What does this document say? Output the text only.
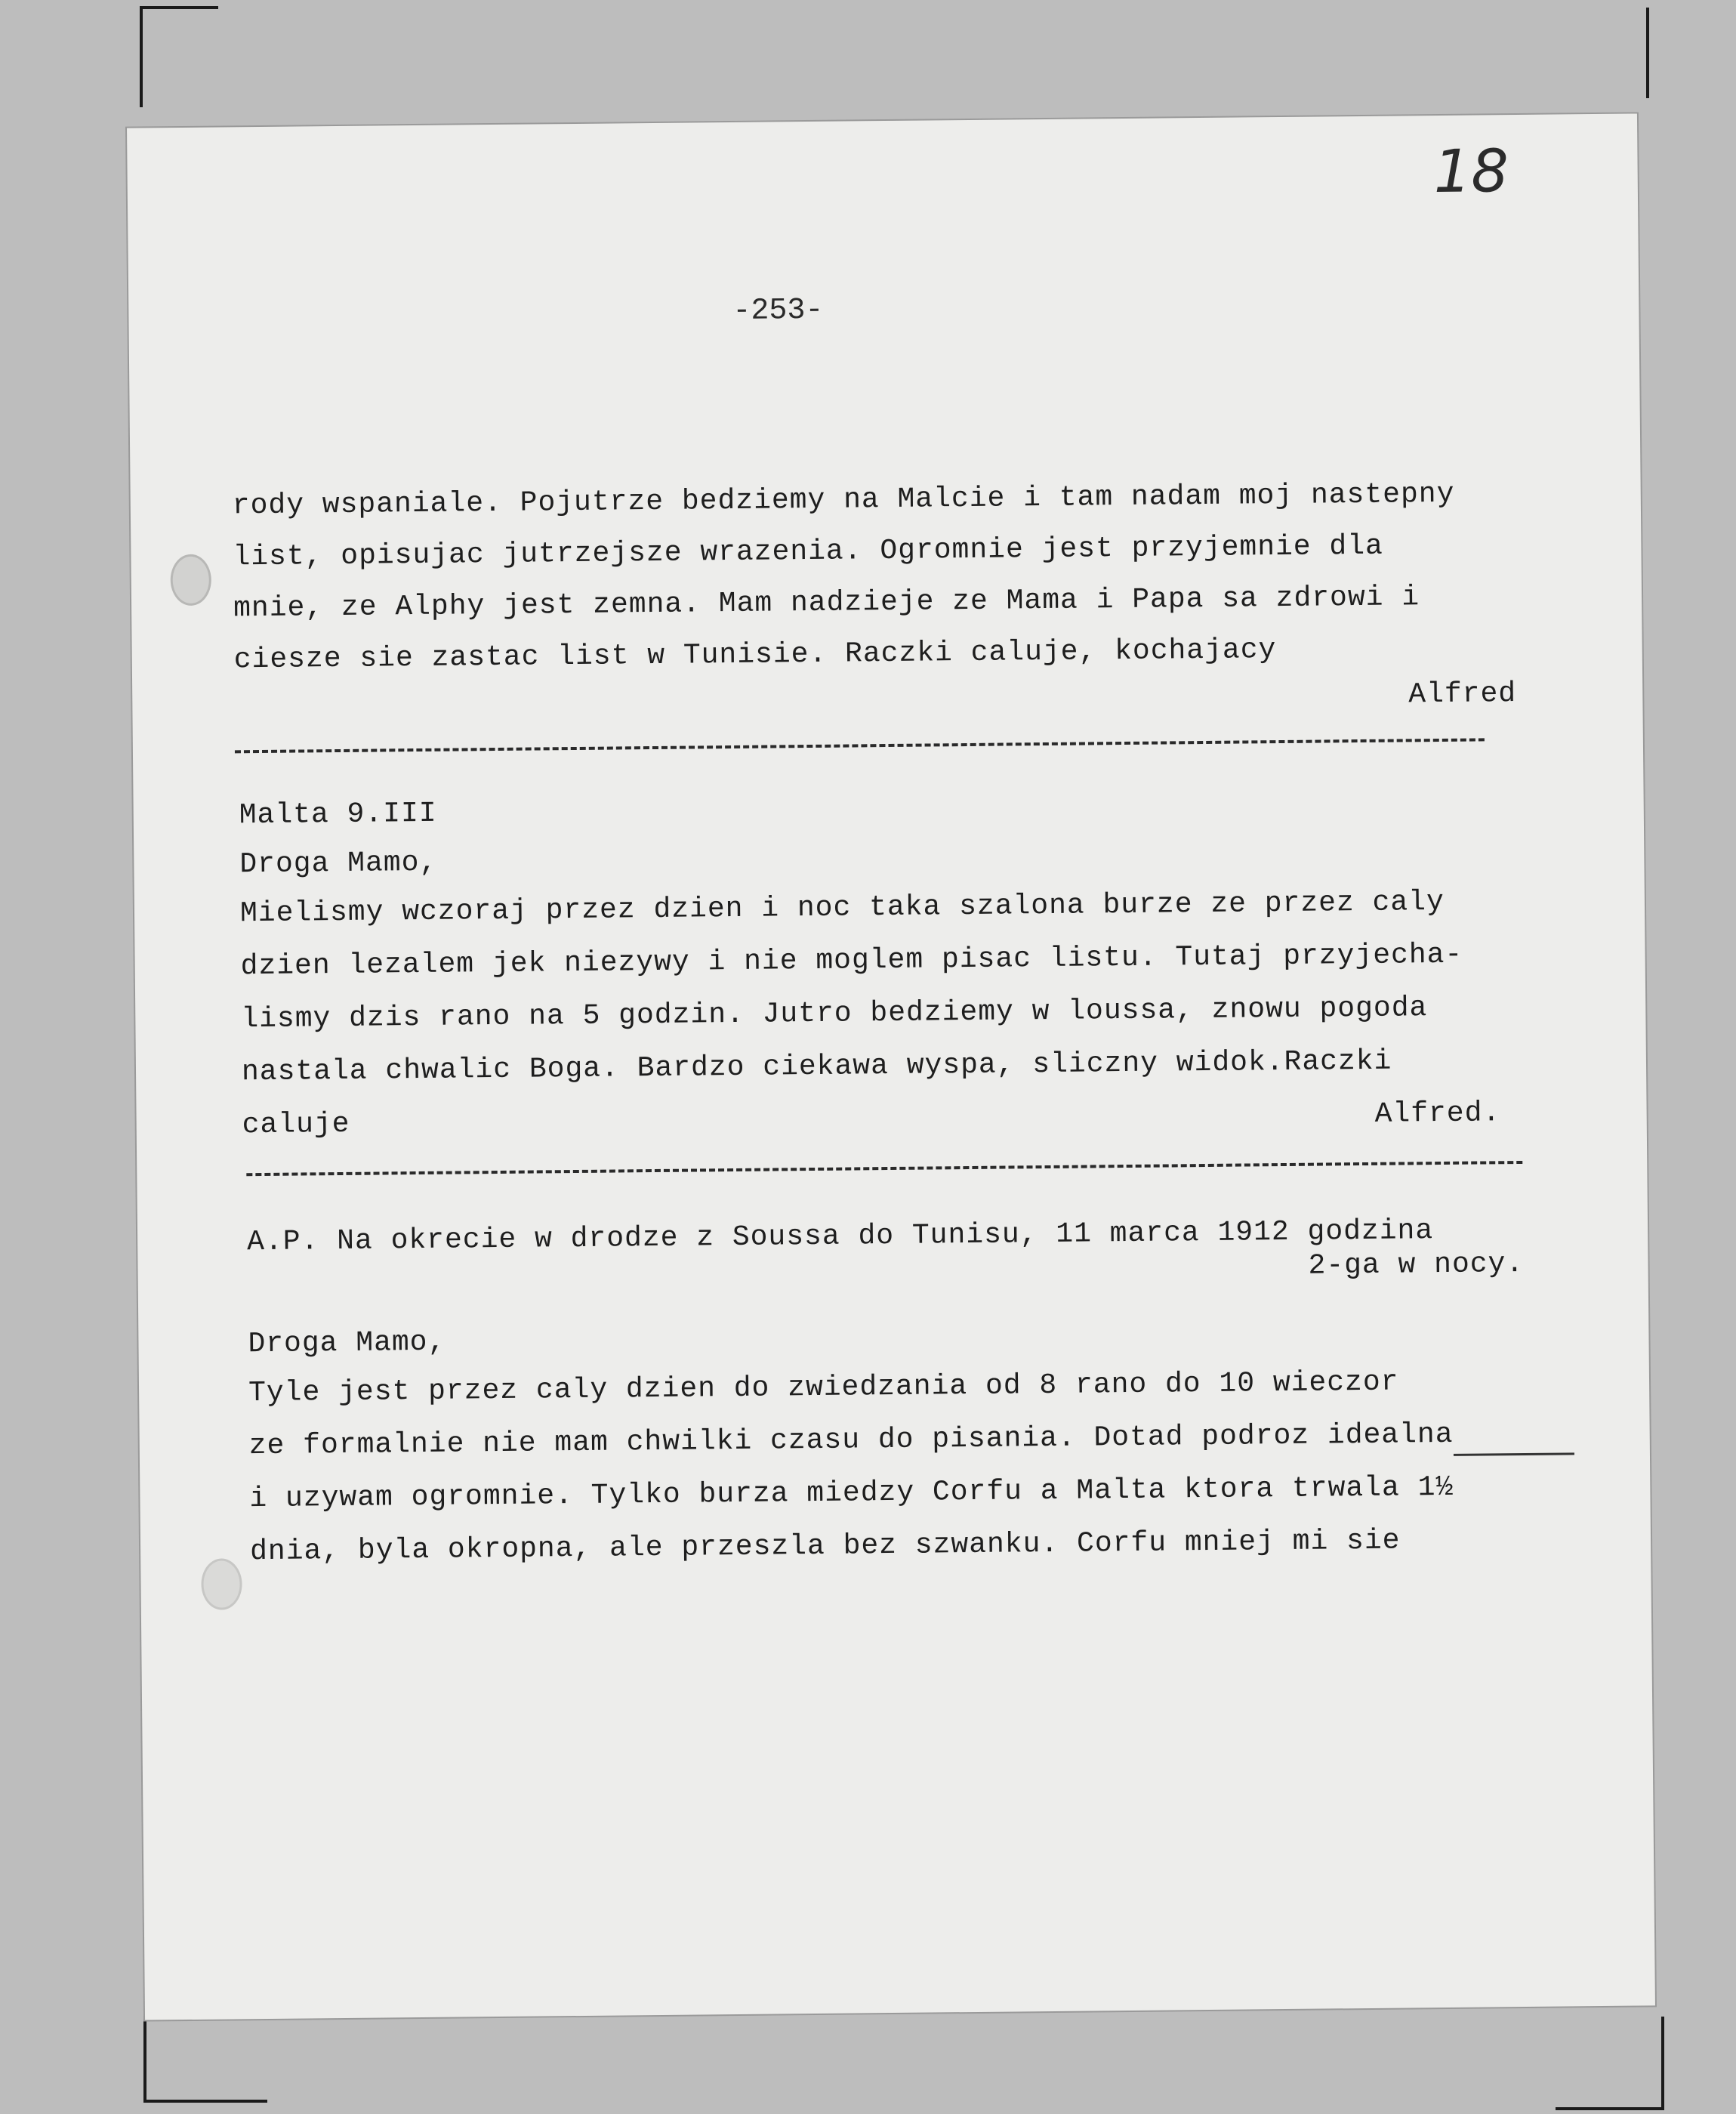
18
-253-
rody wspaniale. Pojutrze bedziemy na Malcie i tam nadam moj nastepny
list, opisujac jutrzejsze wrazenia. Ogromnie jest przyjemnie dla
mnie, ze Alphy jest zemna. Mam nadzieje ze Mama i Papa sa zdrowi i
ciesze sie zastac list w Tunisie. Raczki caluje, kochajacy
Alfred
Malta 9.III
Droga Mamo,
Mielismy wczoraj przez dzien i noc taka szalona burze ze przez caly
dzien lezalem jek niezywy i nie moglem pisac listu. Tutaj przyjecha-
lismy dzis rano na 5 godzin. Jutro bedziemy w loussa, znowu pogoda
nastala chwalic Boga. Bardzo ciekawa wyspa, sliczny widok.Raczki
caluje	Alfred.
A.P. Na okrecie w drodze z Soussa do Tunisu, 11 marca 1912 godzina
2-ga w nocy.
Droga Mamo,
Tyle jest przez caly dzien do zwiedzania od 8 rano do 10 wieczor
ze formalnie nie mam chwilki czasu do pisania. Dotad podroz idealna
i uzywam ogromnie. Tylko burza miedzy Corfu a Malta ktora trwala 1½
dnia, byla okropna, ale przeszla bez szwanku. Corfu mniej mi sie
